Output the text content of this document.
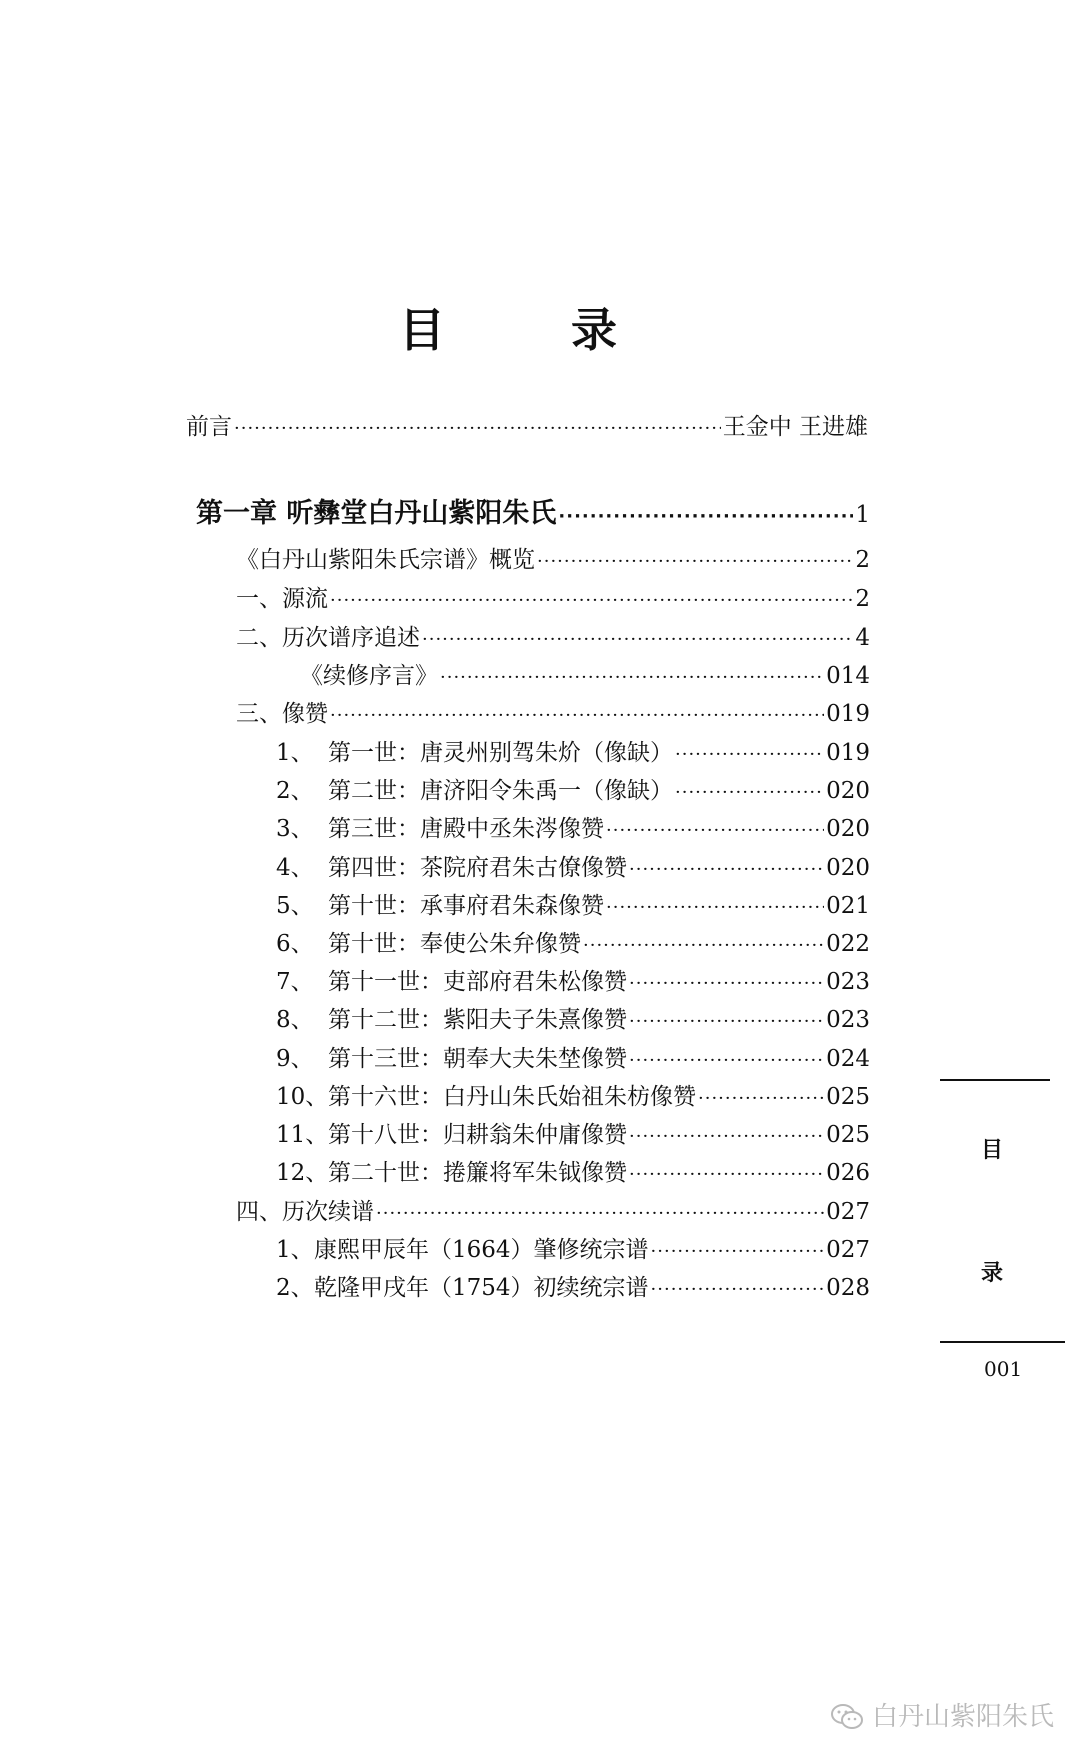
目　录
前言 ·····	王金中 王进雄
第一章 听彝堂白丹山紫阳朱氏 ·····	1
《白丹山紫阳朱氏宗谱》概览 ·····	2
一、源流 ·····	2
二、历次谱序追述 ·····	4
《续修序言》 ·····	014
三、像赞 ·····	019
1、 第一世：唐灵州别驾朱炌（像缺） ·····	019
2、 第二世：唐济阳令朱禹一（像缺） ·····	020
3、 第三世：唐殿中丞朱涔像赞 ·····	020
4、 第四世：茶院府君朱古僚像赞 ·····	020
5、 第十世：承事府君朱森像赞 ·····	021
6、 第十世：奉使公朱弁像赞 ·····	022
7、 第十一世：吏部府君朱松像赞 ·····	023
8、 第十二世：紫阳夫子朱熹像赞 ·····	023
9、 第十三世：朝奉大夫朱埜像赞 ·····	024
10、 第十六世：白丹山朱氏始祖朱枋像赞 ·····	025
11、 第十八世：归耕翁朱仲庸像赞 ·····	025
12、 第二十世：捲簾将军朱钺像赞 ·····	026
四、历次续谱 ·····	027
1、 康熙甲辰年（1664）肇修统宗谱 ·····	027
2、 乾隆甲戌年（1754）初续统宗谱 ·····	028
目
录
001
白丹山紫阳朱氏
